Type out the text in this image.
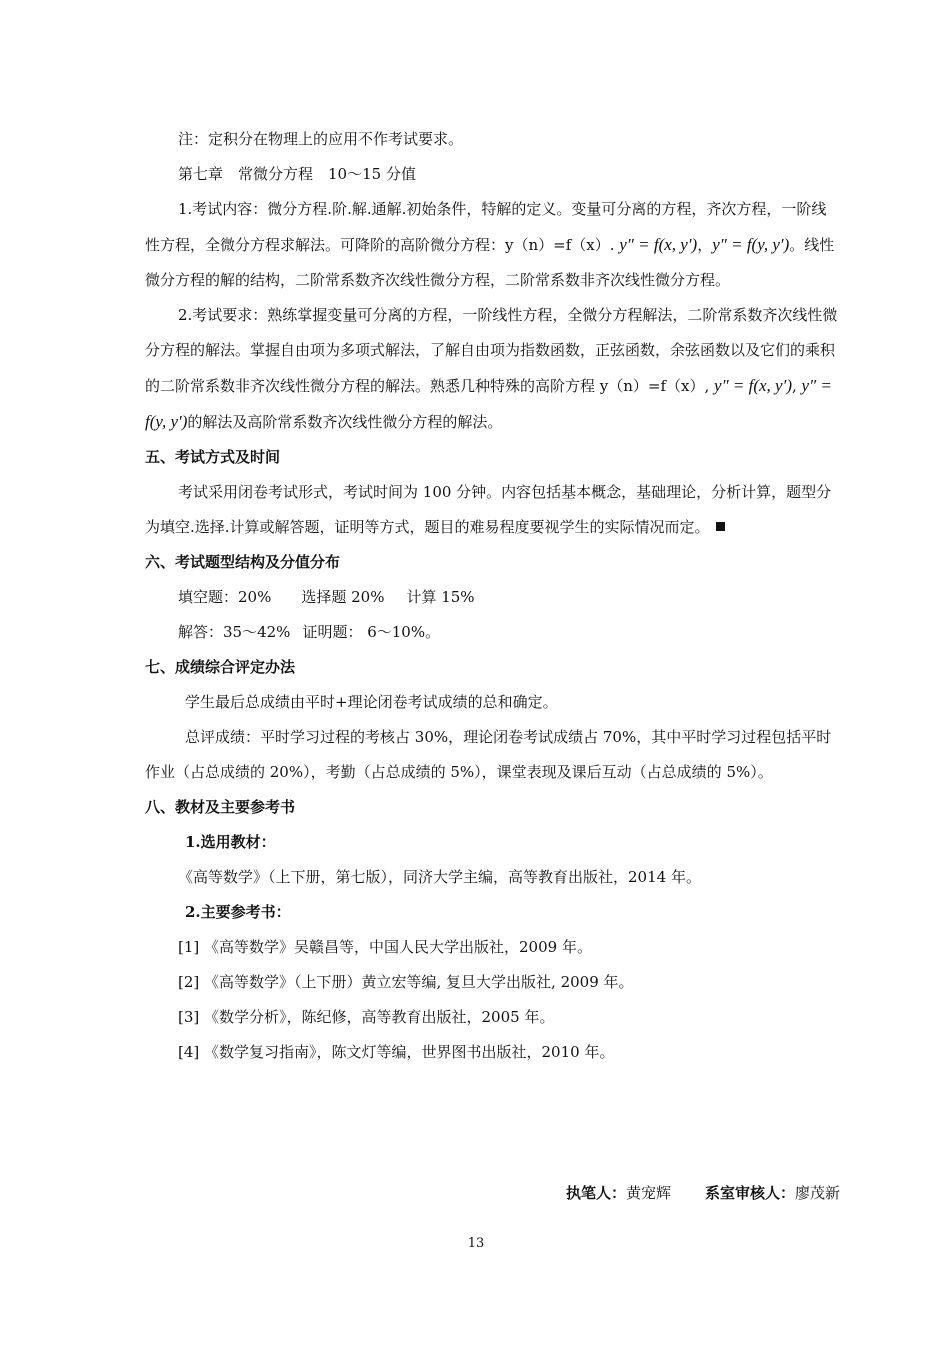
注：定积分在物理上的应用不作考试要求。

第七章　常微分方程　10～15 分值

1.考试内容：微分方程.阶.解.通解.初始条件，特解的定义。变量可分离的方程，齐次方程，一阶线性方程，全微分方程求解法。可降阶的高阶微分方程：y（n）=f（x）. y″ = f(x, y′)，y″ = f(y, y′)。线性微分方程的解的结构，二阶常系数齐次线性微分方程，二阶常系数非齐次线性微分方程。

2.考试要求：熟练掌握变量可分离的方程，一阶线性方程，全微分方程解法，二阶常系数齐次线性微分方程的解法。掌握自由项为多项式解法，了解自由项为指数函数，正弦函数，余弦函数以及它们的乘积的二阶常系数非齐次线性微分方程的解法。熟悉几种特殊的高阶方程 y（n）=f（x）, y″ = f(x, y′), y″ = f(y, y′)的解法及高阶常系数齐次线性微分方程的解法。

五、考试方式及时间

考试采用闭卷考试形式，考试时间为 100 分钟。内容包括基本概念，基础理论，分析计算，题型分为填空.选择.计算或解答题，证明等方式，题目的难易程度要视学生的实际情况而定。

六、考试题型结构及分值分布

填空题：20% 选择题 20% 计算 15%

解答：35～42% 证明题： 6～10%。

七、成绩综合评定办法

学生最后总成绩由平时+理论闭卷考试成绩的总和确定。

总评成绩：平时学习过程的考核占 30%，理论闭卷考试成绩占 70%，其中平时学习过程包括平时作业（占总成绩的 20%），考勤（占总成绩的 5%），课堂表现及课后互动（占总成绩的 5%）。

八、教材及主要参考书

1.选用教材：

《高等数学》（上下册，第七版），同济大学主编，高等教育出版社，2014 年。

2.主要参考书：

[1] 《高等数学》吴赣昌等，中国人民大学出版社，2009 年。

[2] 《高等数学》（上下册）黄立宏等编, 复旦大学出版社, 2009 年。

[3] 《数学分析》，陈纪修，高等教育出版社，2005 年。

[4] 《数学复习指南》，陈文灯等编，世界图书出版社，2010 年。

执笔人：黄宠辉 系室审核人：廖茂新
13
